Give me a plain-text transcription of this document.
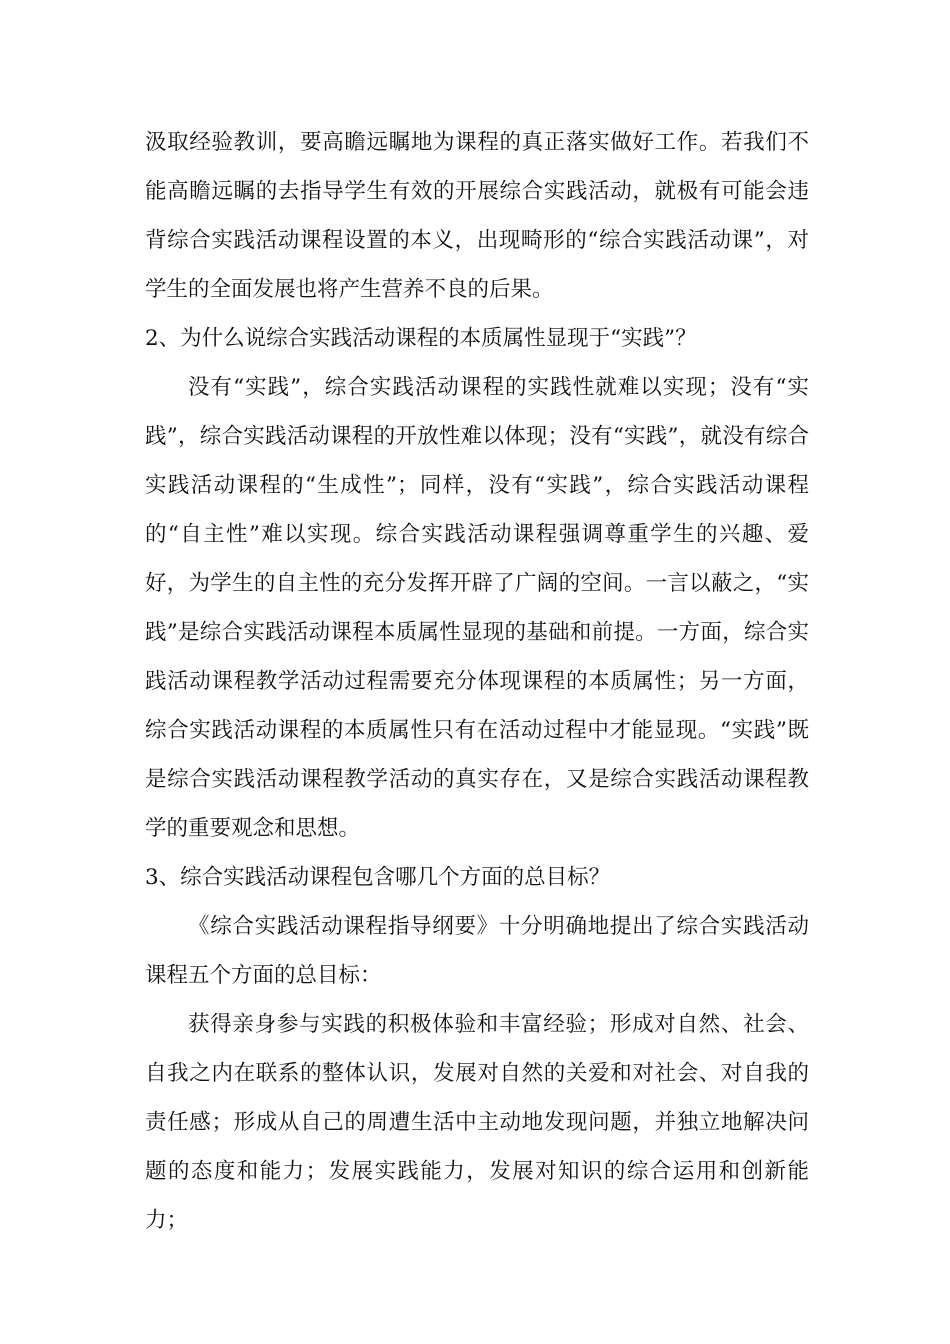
汲取经验教训，要高瞻远瞩地为课程的真正落实做好工作。若我们不能高瞻远瞩的去指导学生有效的开展综合实践活动，就极有可能会违背综合实践活动课程设置的本义，出现畸形的“综合实践活动课”，对学生的全面发展也将产生营养不良的后果。

2、为什么说综合实践活动课程的本质属性显现于“实践”？

没有“实践”，综合实践活动课程的实践性就难以实现；没有“实践”，综合实践活动课程的开放性难以体现；没有“实践”，就没有综合实践活动课程的“生成性”；同样，没有“实践”，综合实践活动课程的“自主性”难以实现。综合实践活动课程强调尊重学生的兴趣、爱好，为学生的自主性的充分发挥开辟了广阔的空间。一言以蔽之，“实践”是综合实践活动课程本质属性显现的基础和前提。一方面，综合实践活动课程教学活动过程需要充分体现课程的本质属性；另一方面，综合实践活动课程的本质属性只有在活动过程中才能显现。“实践”既是综合实践活动课程教学活动的真实存在，又是综合实践活动课程教学的重要观念和思想。

3、综合实践活动课程包含哪几个方面的总目标？

《综合实践活动课程指导纲要》十分明确地提出了综合实践活动课程五个方面的总目标：

获得亲身参与实践的积极体验和丰富经验；形成对自然、社会、自我之内在联系的整体认识，发展对自然的关爱和对社会、对自我的责任感；形成从自己的周遭生活中主动地发现问题，并独立地解决问题的态度和能力；发展实践能力，发展对知识的综合运用和创新能力；
